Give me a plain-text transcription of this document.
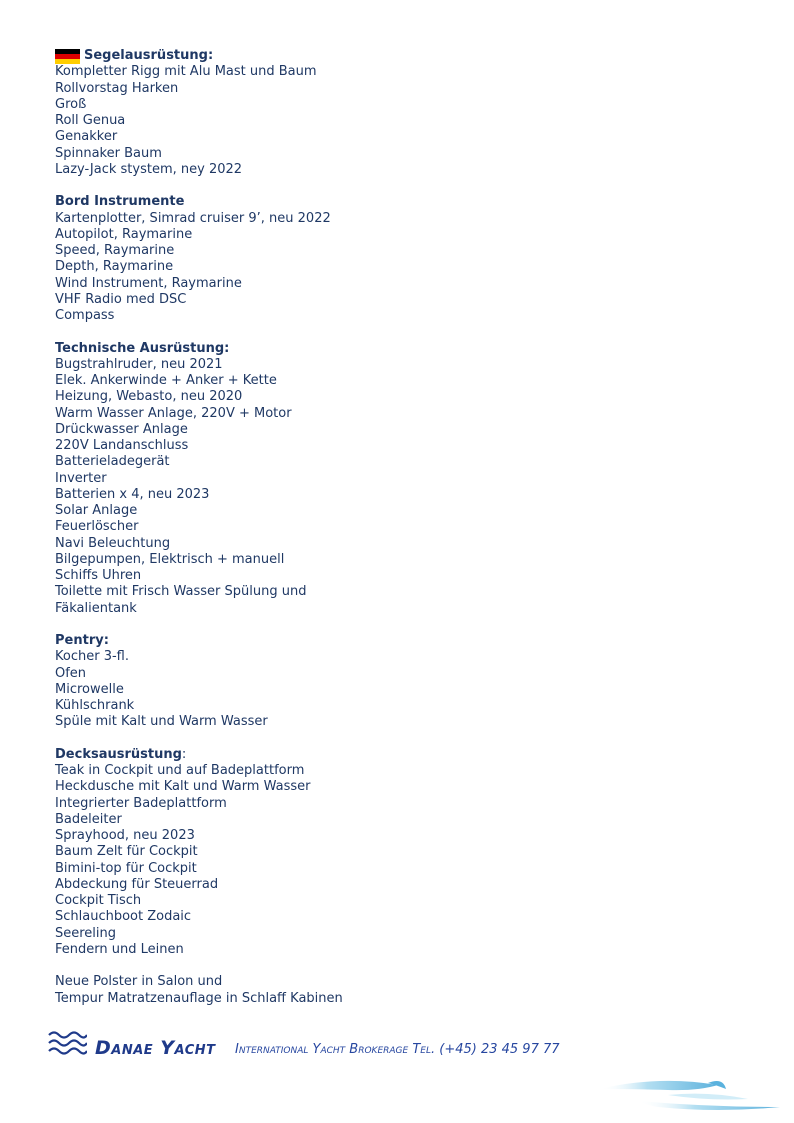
Segelausrüstung:
Kompletter Rigg mit Alu Mast und Baum
Rollvorstag Harken
Groß
Roll Genua
Genakker
Spinnaker Baum
Lazy-Jack stystem, ney 2022
Bord Instrumente
Kartenplotter, Simrad cruiser 9’, neu 2022
Autopilot, Raymarine
Speed, Raymarine
Depth, Raymarine
Wind Instrument, Raymarine
VHF Radio med DSC
Compass
Technische Ausrüstung:
Bugstrahlruder, neu 2021
Elek. Ankerwinde + Anker + Kette
Heizung, Webasto, neu 2020
Warm Wasser Anlage, 220V + Motor
Drückwasser Anlage
220V Landanschluss
Batterieladegerät
Inverter
Batterien x 4, neu 2023
Solar Anlage
Feuerlöscher
Navi Beleuchtung
Bilgepumpen, Elektrisch + manuell
Schiffs Uhren
Toilette mit Frisch Wasser Spülung und
Fäkalientank
Pentry:
Kocher 3-fl.
Ofen
Microwelle
Kühlschrank
Spüle mit Kalt und Warm Wasser
Decksausrüstung:
Teak in Cockpit und auf Badeplattform
Heckdusche mit Kalt und Warm Wasser
Integrierter Badeplattform
Badeleiter
Sprayhood, neu 2023
Baum Zelt für Cockpit
Bimini-top für Cockpit
Abdeckung für Steuerrad
Cockpit Tisch
Schlauchboot Zodaic
Seereling
Fendern und Leinen
Neue Polster in Salon und
Tempur Matratzenauflage in Schlaff Kabinen
Danae Yacht International Yacht Brokerage Tel. (+45) 23 45 97 77
